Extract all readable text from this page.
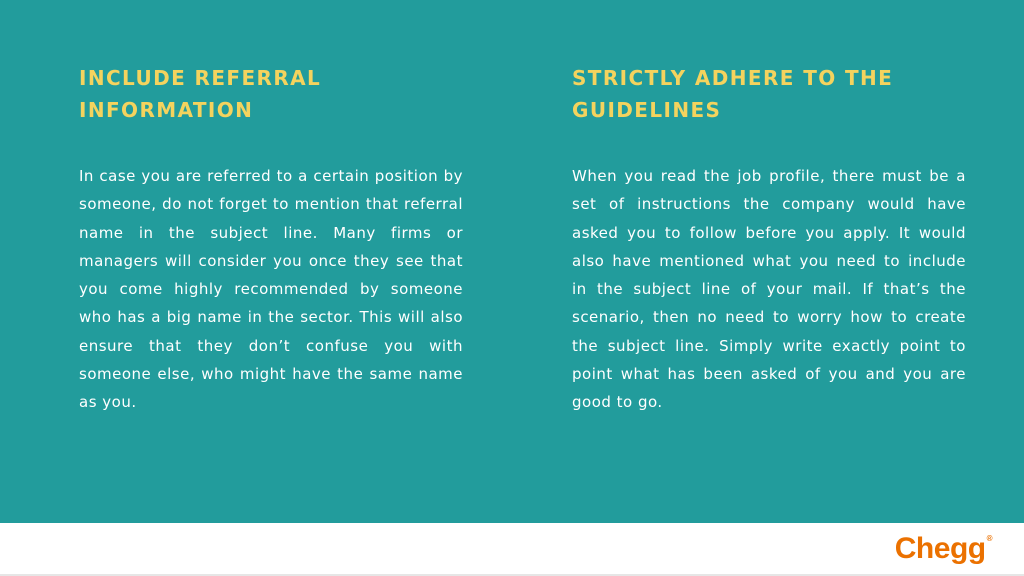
INCLUDE REFERRAL
INFORMATION

In case you are referred to a certain position by someone, do not forget to mention that referral name in the subject line. Many firms or managers will consider you once they see that you come highly recommended by someone who has a big name in the sector. This will also ensure that they don’t confuse you with someone else, who might have the same name as you.

STRICTLY ADHERE TO THE
GUIDELINES

When you read the job profile, there must be a set of instructions the company would have asked you to follow before you apply. It would also have mentioned what you need to include in the subject line of your mail. If that’s the scenario, then no need to worry how to create the subject line. Simply write exactly point to point what has been asked of you and you are good to go.

Chegg®
